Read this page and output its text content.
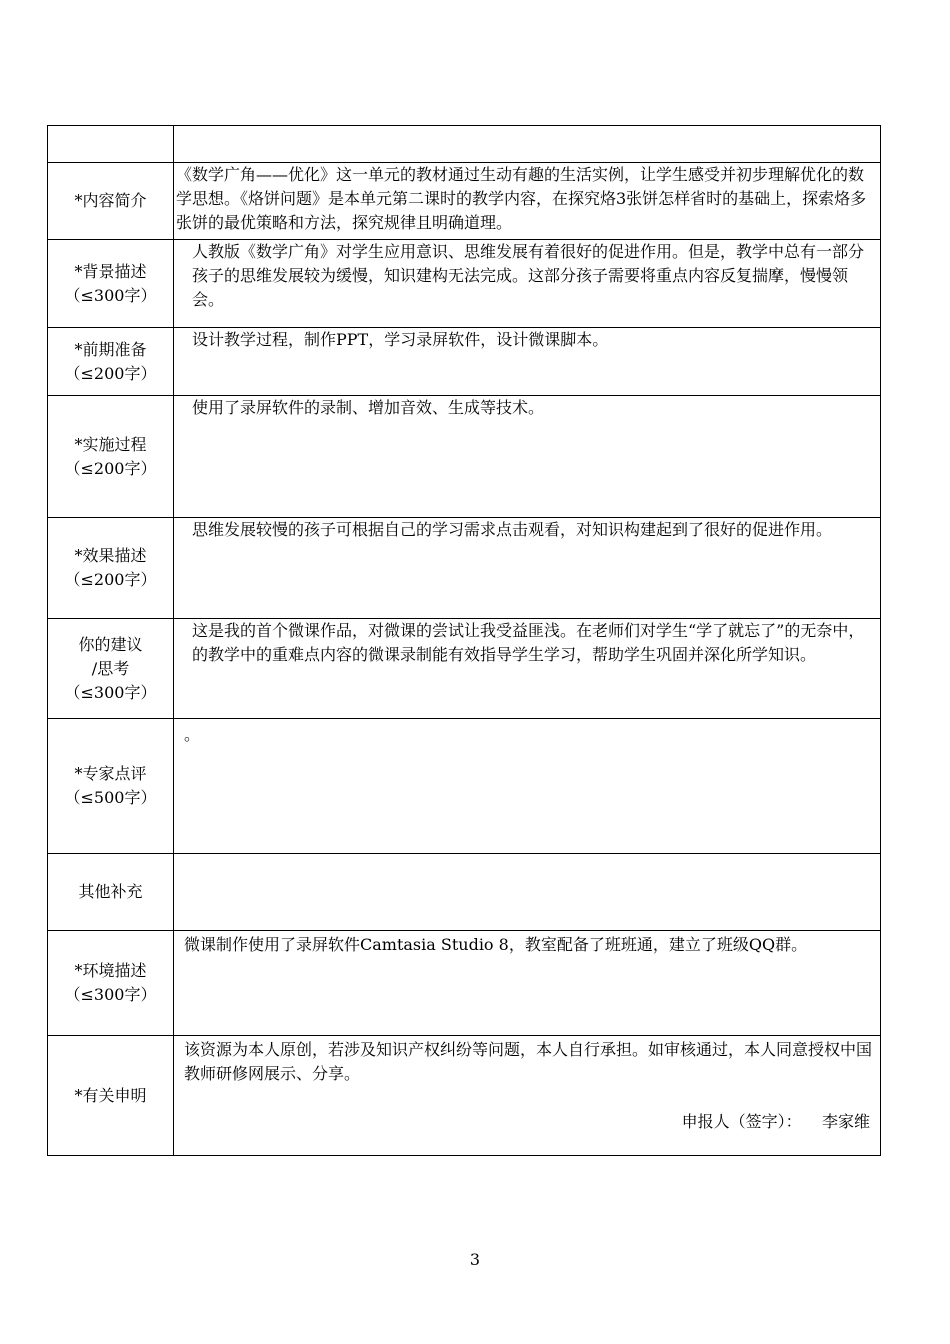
*内容简介	《数学广角——优化》这一单元的教材通过生动有趣的生活实例，让学生感受并初步理解优化的数学思想。《烙饼问题》是本单元第二课时的教学内容，在探究烙3张饼怎样省时的基础上，探索烙多张饼的最优策略和方法，探究规律且明确道理。

*背景描述
（≤300字）	人教版《数学广角》对学生应用意识、思维发展有着很好的促进作用。但是，教学中总有一部分孩子的思维发展较为缓慢，知识建构无法完成。这部分孩子需要将重点内容反复揣摩，慢慢领会。

*前期准备
（≤200字）	设计教学过程，制作PPT，学习录屏软件，设计微课脚本。

*实施过程
（≤200字）	使用了录屏软件的录制、增加音效、生成等技术。

*效果描述
（≤200字）	思维发展较慢的孩子可根据自己的学习需求点击观看，对知识构建起到了很好的促进作用。

你的建议
/思考
（≤300字）	这是我的首个微课作品，对微课的尝试让我受益匪浅。在老师们对学生“学了就忘了”的无奈中，的教学中的重难点内容的微课录制能有效指导学生学习，帮助学生巩固并深化所学知识。

*专家点评
（≤500字）	。

其他补充	

*环境描述
（≤300字）	微课制作使用了录屏软件Camtasia Studio 8，教室配备了班班通，建立了班级QQ群。

*有关申明	该资源为本人原创，若涉及知识产权纠纷等问题，本人自行承担。如审核通过，本人同意授权中国教师研修网展示、分享。
申报人（签字）： 李家维
3
